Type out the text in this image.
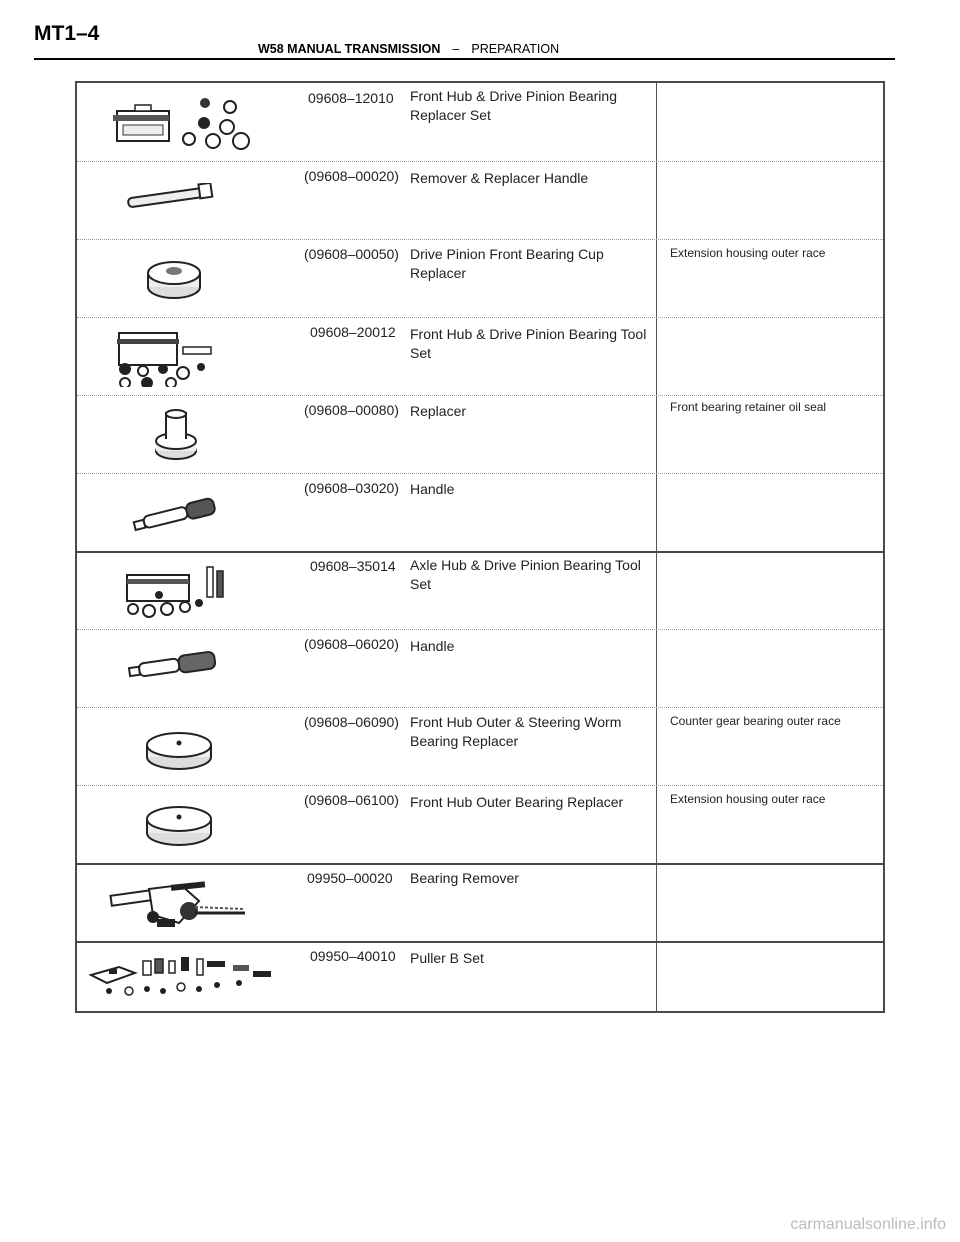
MT1–4
W58 MANUAL TRANSMISSION – PREPARATION
09608–12010 Front Hub & Drive Pinion Bearing Replacer Set
(09608–00020) Remover & Replacer Handle
(09608–00050) Drive Pinion Front Bearing Cup Replacer
Extension housing outer race
09608–20012 Front Hub & Drive Pinion Bearing Tool Set
(09608–00080) Replacer	Front bearing retainer oil seal
(09608–03020) Handle
09608–35014 Axle Hub & Drive Pinion Bearing Tool Set
(09608–06020) Handle
(09608–06090) Front Hub Outer & Steering Worm Bearing Replacer
Counter gear bearing outer race
(09608–06100) Front Hub Outer Bearing Replacer	Extension housing outer race
09950–00020 Bearing Remover
09950–40010 Puller B Set
carmanualsonline.info
